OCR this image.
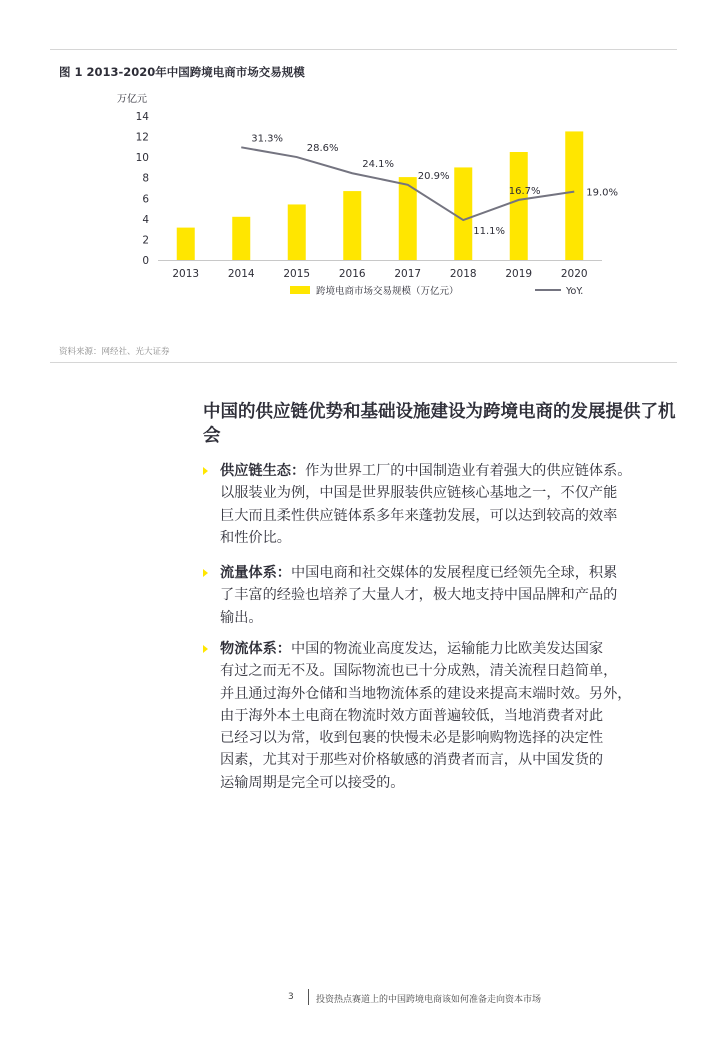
图 1 2013-2020年中国跨境电商市场交易规模
万亿元
0
2
4
6
8
10
12
14
2013	2014	2015	2016	2017	2018	2019	2020
31.3%
28.6%
24.1%
20.9%
11.1%
16.7%	19.0%
跨境电商市场交易规模（万亿元）	YoY.
资料来源：网经社、光大证券
中国的供应链优势和基础设施建设为跨境电商的发展提供了机会

供应链生态：作为世界工厂的中国制造业有着强大的供应链体系。
以服装业为例，中国是世界服装供应链核心基地之一，不仅产能
巨大而且柔性供应链体系多年来蓬勃发展，可以达到较高的效率
和性价比。

流量体系：中国电商和社交媒体的发展程度已经领先全球，积累
了丰富的经验也培养了大量人才，极大地支持中国品牌和产品的
输出。

物流体系：中国的物流业高度发达，运输能力比欧美发达国家
有过之而无不及。国际物流也已十分成熟，清关流程日趋简单，
并且通过海外仓储和当地物流体系的建设来提高末端时效。另外，
由于海外本土电商在物流时效方面普遍较低，当地消费者对此
已经习以为常，收到包裹的快慢未必是影响购物选择的决定性
因素，尤其对于那些对价格敏感的消费者而言，从中国发货的
运输周期是完全可以接受的。

3 投资热点赛道上的中国跨境电商该如何准备走向资本市场
